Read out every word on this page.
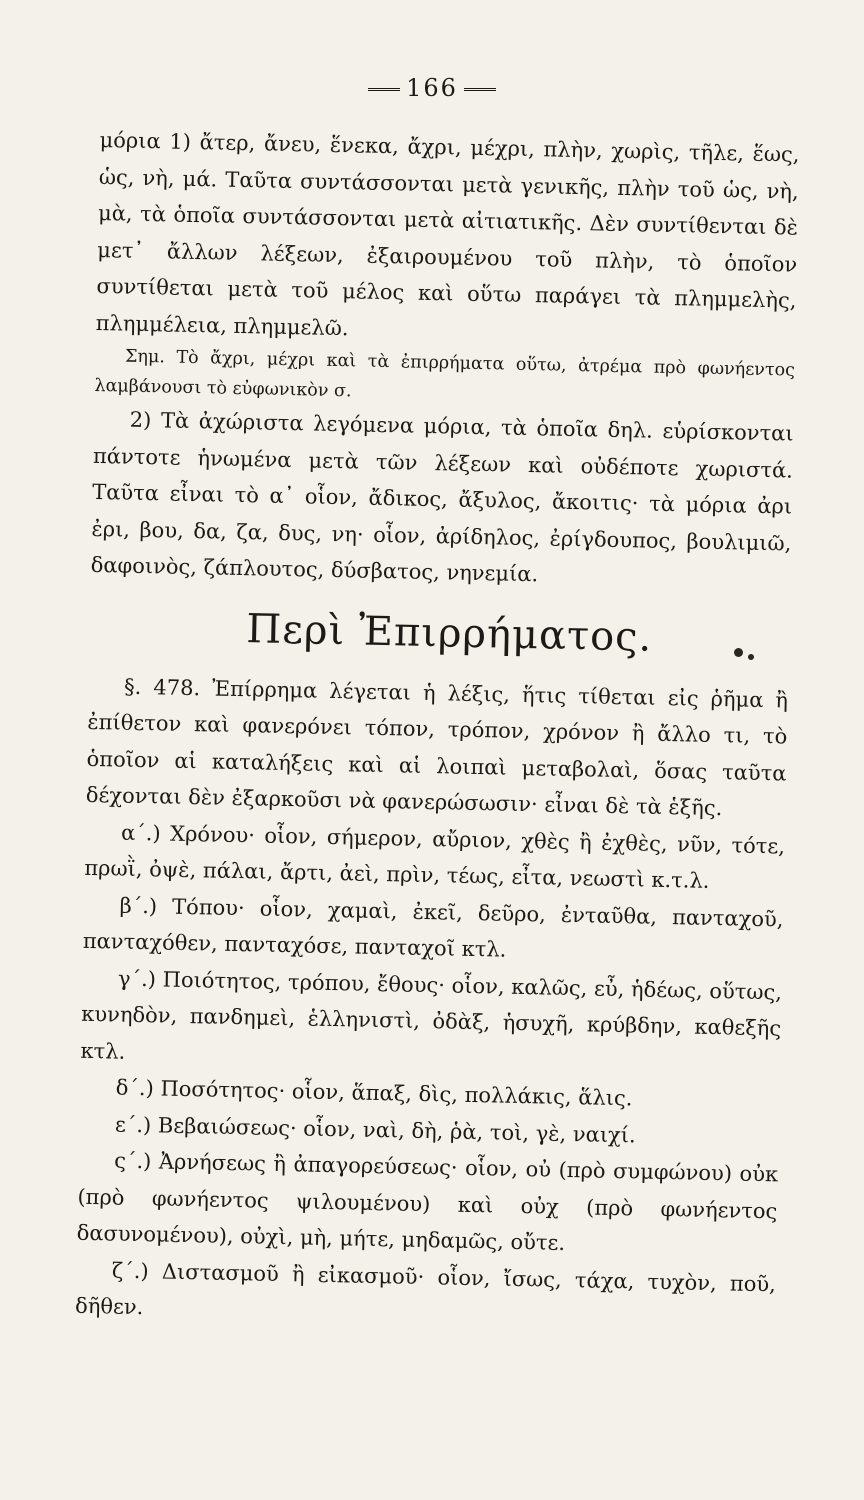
166

μόρια 1) ἄτερ, ἄνευ, ἕνεκα, ἄχρι, μέχρι, πλὴν, χωρὶς, τῆλε, ἕως, ὡς, νὴ, μά. Ταῦτα συντάσσονται μετὰ γενικῆς, πλὴν τοῦ ὡς, νὴ, μὰ, τὰ ὁποῖα συντάσσονται μετὰ αἰτιατικῆς. Δὲν συντίθενται δὲ μετ᾽ ἄλλων λέξεων, ἐξαιρουμένου τοῦ πλὴν, τὸ ὁποῖον συντίθεται μετὰ τοῦ μέλος καὶ οὕτω παράγει τὰ πλημμελὴς, πλημμέλεια, πλημμελῶ.

Σημ. Τὸ ἄχρι, μέχρι καὶ τὰ ἐπιρρήματα οὕτω, ἀτρέμα πρὸ φωνήεντος λαμβάνουσι τὸ εὐφωνικὸν σ.

2) Τὰ ἀχώριστα λεγόμενα μόρια, τὰ ὁποῖα δηλ. εὑρίσκονται πάντοτε ἡνωμένα μετὰ τῶν λέξεων καὶ οὐδέποτε χωριστά. Ταῦτα εἶναι τὸ α᾽ οἷον, ἄδικος, ἄξυλος, ἄκοιτις· τὰ μόρια ἀρι ἐρι, βου, δα, ζα, δυς, νη· οἷον, ἀρίδηλος, ἐρίγδουπος, βουλιμιῶ, δαφοινὸς, ζάπλουτος, δύσβατος, νηνεμία.

Περὶ Ἐπιρρήματος.

§. 478. Ἐπίρρημα λέγεται ἡ λέξις, ἥτις τίθεται εἰς ῥῆμα ἢ ἐπίθετον καὶ φανερόνει τόπον, τρόπον, χρόνον ἢ ἄλλο τι, τὸ ὁποῖον αἱ καταλήξεις καὶ αἱ λοιπαὶ μεταβολαὶ, ὅσας ταῦτα δέχονται δὲν ἐξαρκοῦσι νὰ φανερώσωσιν· εἶναι δὲ τὰ ἑξῆς.

α΄.) Χρόνου· οἷον, σήμερον, αὔριον, χθὲς ἢ ἐχθὲς, νῦν, τότε, πρωῒ, ὀψὲ, πάλαι, ἄρτι, ἀεὶ, πρὶν, τέως, εἶτα, νεωστὶ κ.τ.λ.

β΄.) Τόπου· οἷον, χαμαὶ, ἐκεῖ, δεῦρο, ἐνταῦθα, πανταχοῦ, πανταχόθεν, πανταχόσε, πανταχοῖ κτλ.

γ΄.) Ποιότητος, τρόπου, ἔθους· οἷον, καλῶς, εὖ, ἡδέως, οὕτως, κυνηδὸν, πανδημεὶ, ἑλληνιστὶ, ὀδὰξ, ἡσυχῆ, κρύβδην, καθεξῆς κτλ.

δ΄.) Ποσότητος· οἷον, ἅπαξ, δὶς, πολλάκις, ἅλις.

ε΄.) Βεβαιώσεως· οἷον, ναὶ, δὴ, ῥὰ, τοὶ, γὲ, ναιχί.

ς΄.) Ἀρνήσεως ἢ ἀπαγορεύσεως· οἷον, οὐ (πρὸ συμφώνου) οὐκ (πρὸ φωνήεντος ψιλουμένου) καὶ οὐχ (πρὸ φωνήεντος δασυνομένου), οὐχὶ, μὴ, μήτε, μηδαμῶς, οὔτε.

ζ΄.) Διστασμοῦ ἢ εἰκασμοῦ· οἷον, ἴσως, τάχα, τυχὸν, ποῦ, δῆθεν.
